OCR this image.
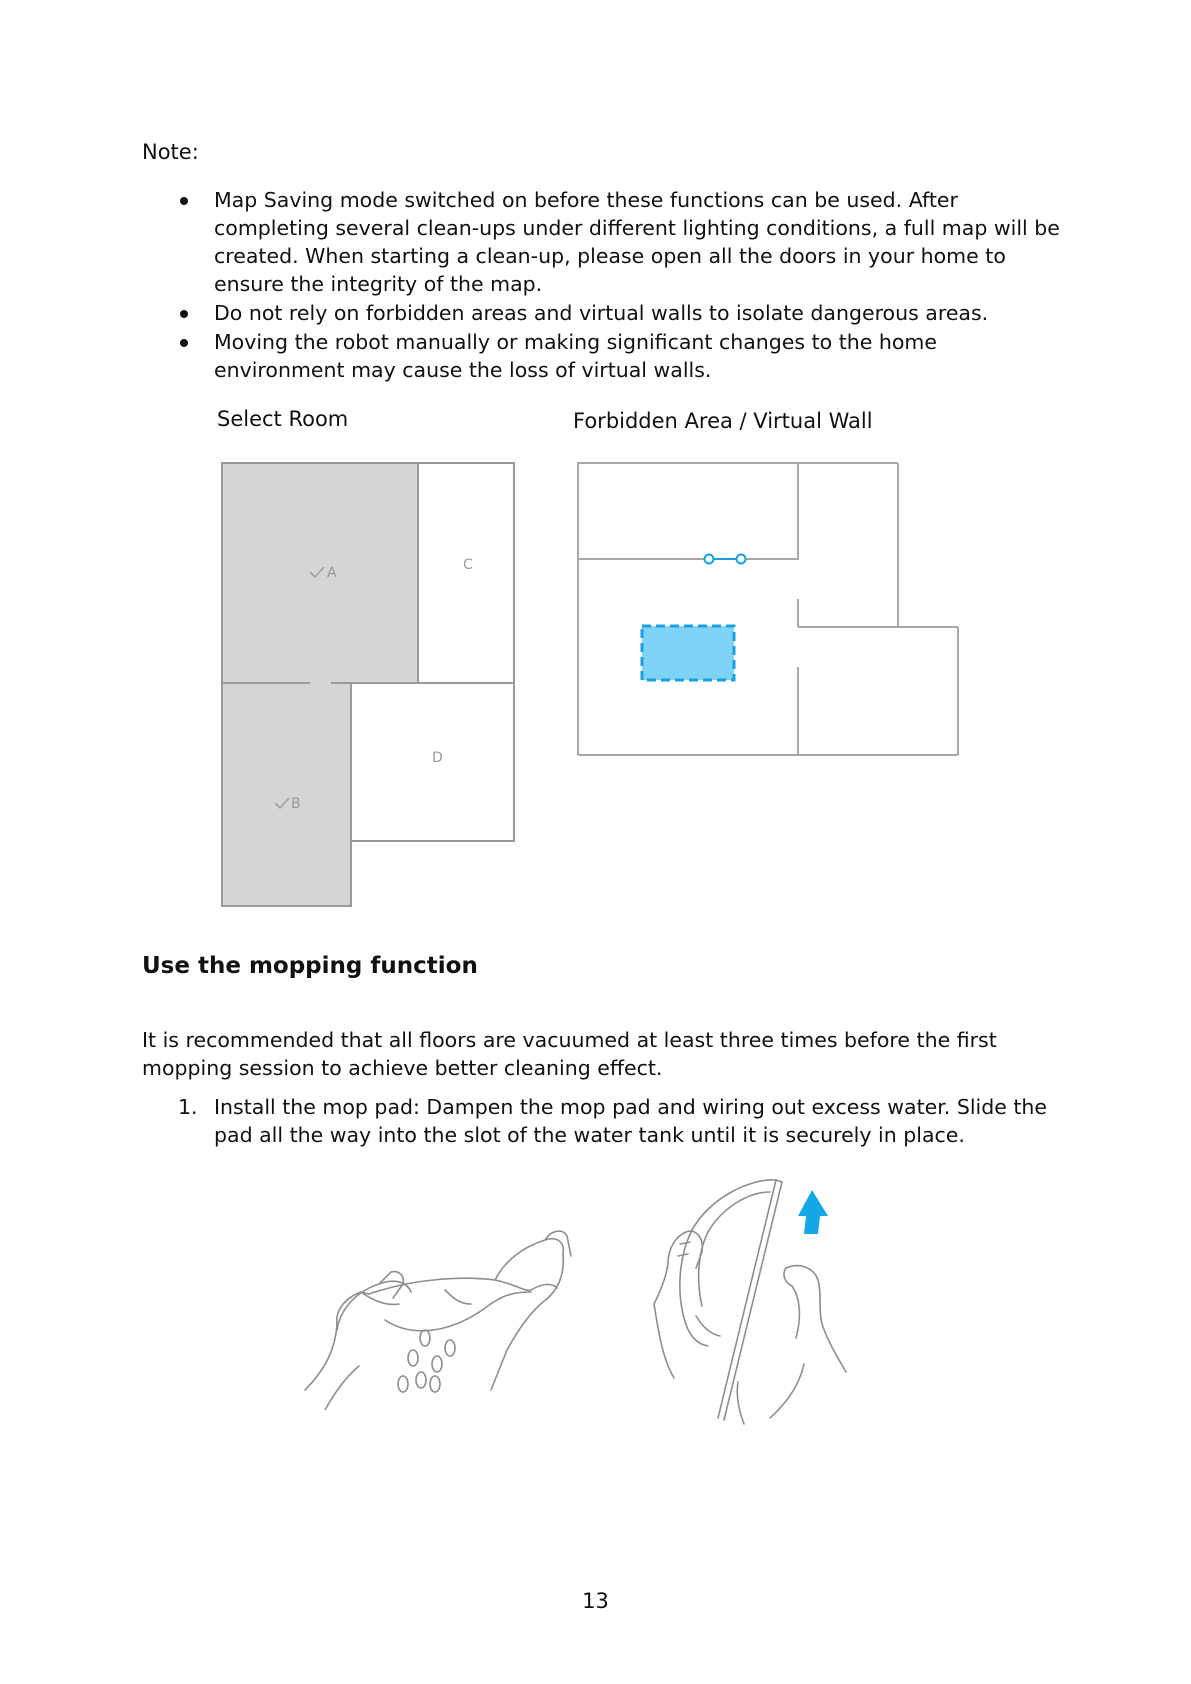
Note:
Map Saving mode switched on before these functions can be used. After completing several clean-ups under different lighting conditions, a full map will be created. When starting a clean-up, please open all the doors in your home to ensure the integrity of the map.
Do not rely on forbidden areas and virtual walls to isolate dangerous areas.
Moving the robot manually or making significant changes to the home environment may cause the loss of virtual walls.
Select Room	Forbidden Area / Virtual Wall
A
B
C
D
Use the mopping function
It is recommended that all floors are vacuumed at least three times before the first mopping session to achieve better cleaning effect.
1. Install the mop pad: Dampen the mop pad and wiring out excess water. Slide the pad all the way into the slot of the water tank until it is securely in place.
13
